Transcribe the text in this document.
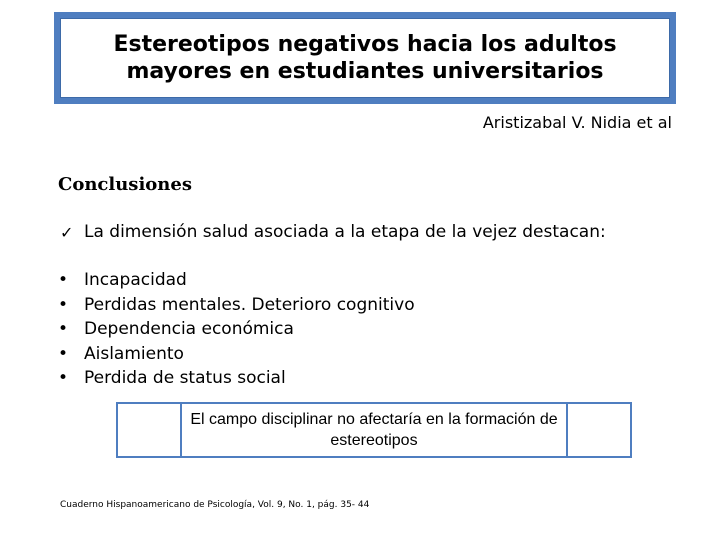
Estereotipos negativos hacia los adultos mayores en estudiantes universitarios
Aristizabal V. Nidia et al
Conclusiones
✓ La dimensión salud asociada a la etapa de la vejez destacan:
• Incapacidad
• Perdidas mentales. Deterioro cognitivo
• Dependencia económica
• Aislamiento
• Perdida de status social
El campo disciplinar no afectaría en la formación de estereotipos
Cuaderno Hispanoamericano de Psicología, Vol. 9, No. 1, pág. 35- 44
